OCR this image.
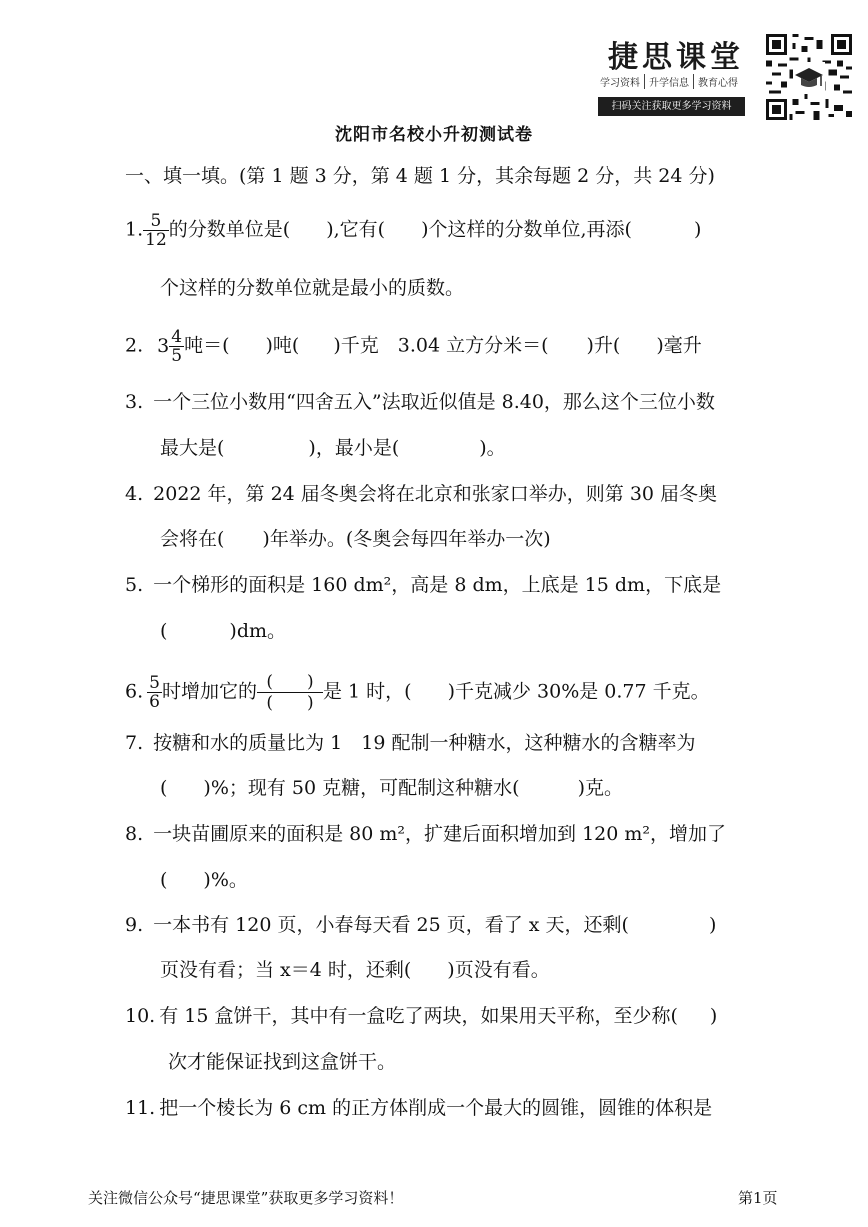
捷思课堂
学习资料 升学信息 教育心得
扫码关注获取更多学习资料
沈阳市名校小升初测试卷
一、填一填。(第 1 题 3 分，第 4 题 1 分，其余每题 2 分，共 24 分)
1. $\frac{5}{12}$ 的分数单位是( ),它有( )个这样的分数单位,再添(	)
个这样的分数单位就是最小的质数。
2. $3 \frac{4}{5}$ 吨＝( )吨( )千克　3.04 立方分米＝( )升( )毫升
3. 一个三位小数用“四舍五入”法取近似值是 8.40，那么这个三位小数
最大是(	)，最小是(	)。
4. 2022 年，第 24 届冬奥会将在北京和张家口举办，则第 30 届冬奥
会将在( )年举办。(冬奥会每四年举办一次)
5. 一个梯形的面积是 160 dm²，高是 8 dm，上底是 15 dm，下底是
(	)dm。
6. $\frac{5}{6}$ 时增加它的 $\frac{( )}{( )}$ 是 1 时，( )千克减少 30%是 0.77 千克。
7. 按糖和水的质量比为 1　19 配制一种糖水，这种糖水的含糖率为
( )%；现有 50 克糖，可配制这种糖水(	)克。
8. 一块苗圃原来的面积是 80 m²，扩建后面积增加到 120 m²，增加了
( )%。
9. 一本书有 120 页，小春每天看 25 页，看了 x 天，还剩(	)
页没有看；当 x＝4 时，还剩( )页没有看。
10. 有 15 盒饼干，其中有一盒吃了两块，如果用天平称，至少称( )
次才能保证找到这盒饼干。
11. 把一个棱长为 6 cm 的正方体削成一个最大的圆锥，圆锥的体积是
关注微信公众号“捷思课堂”获取更多学习资料！	第1页
